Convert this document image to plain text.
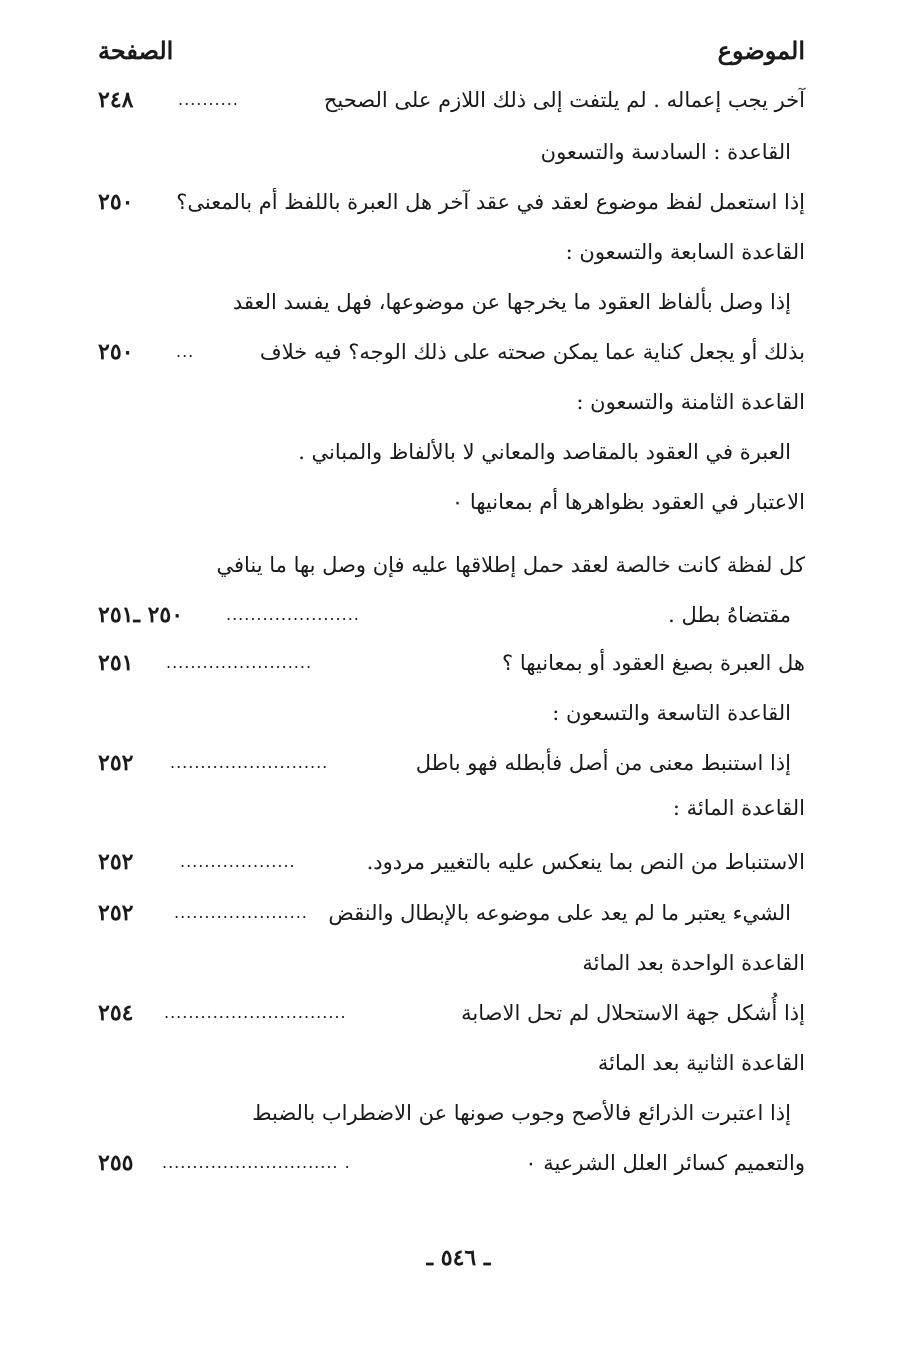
الصفحة	الموضوع
٢٤٨	..........	آخر يجب إعماله . لم يلتفت إلى ذلك اللازم على الصحيح
القاعدة : السادسة والتسعون
٢٥٠ إذا استعمل لفظ موضوع لعقد في عقد آخر هل العبرة باللفظ أم بالمعنى؟
القاعدة السابعة والتسعون :
إذا وصل بألفاظ العقود ما يخرجها عن موضوعها، فهل يفسد العقد
٢٥٠	...	بذلك أو يجعل كناية عما يمكن صحته على ذلك الوجه؟ فيه خلاف
القاعدة الثامنة والتسعون :
العبرة في العقود بالمقاصد والمعاني لا بالألفاظ والمباني .
الاعتبار في العقود بظواهرها أم بمعانيها ٠
كل لفظة كانت خالصة لعقد حمل إطلاقها عليه فإن وصل بها ما ينافي
٢٥٠ ـ٢٥١	......................	مقتضاهُ بطل .
٢٥١ ........................	هل العبرة بصيغ العقود أو بمعانيها ؟
القاعدة التاسعة والتسعون :
٢٥٢ ..........................	إذا استنبط معنى من أصل فأبطله فهو باطل
القاعدة المائة :
٢٥٢	...................	الاستنباط من النص بما ينعكس عليه بالتغيير مردود.
٢٥٢	...................... الشيء يعتبر ما لم يعد على موضوعه بالإبطال والنقض
القاعدة الواحدة بعد المائة
٢٥٤ ..............................	إذا أُشكل جهة الاستحلال لم تحل الاصابة
القاعدة الثانية بعد المائة
إذا اعتبرت الذرائع فالأصح وجوب صونها عن الاضطراب بالضبط
٢٥٥ ............................. .	والتعميم كسائر العلل الشرعية ٠
ـ ٥٤٦ ـ
